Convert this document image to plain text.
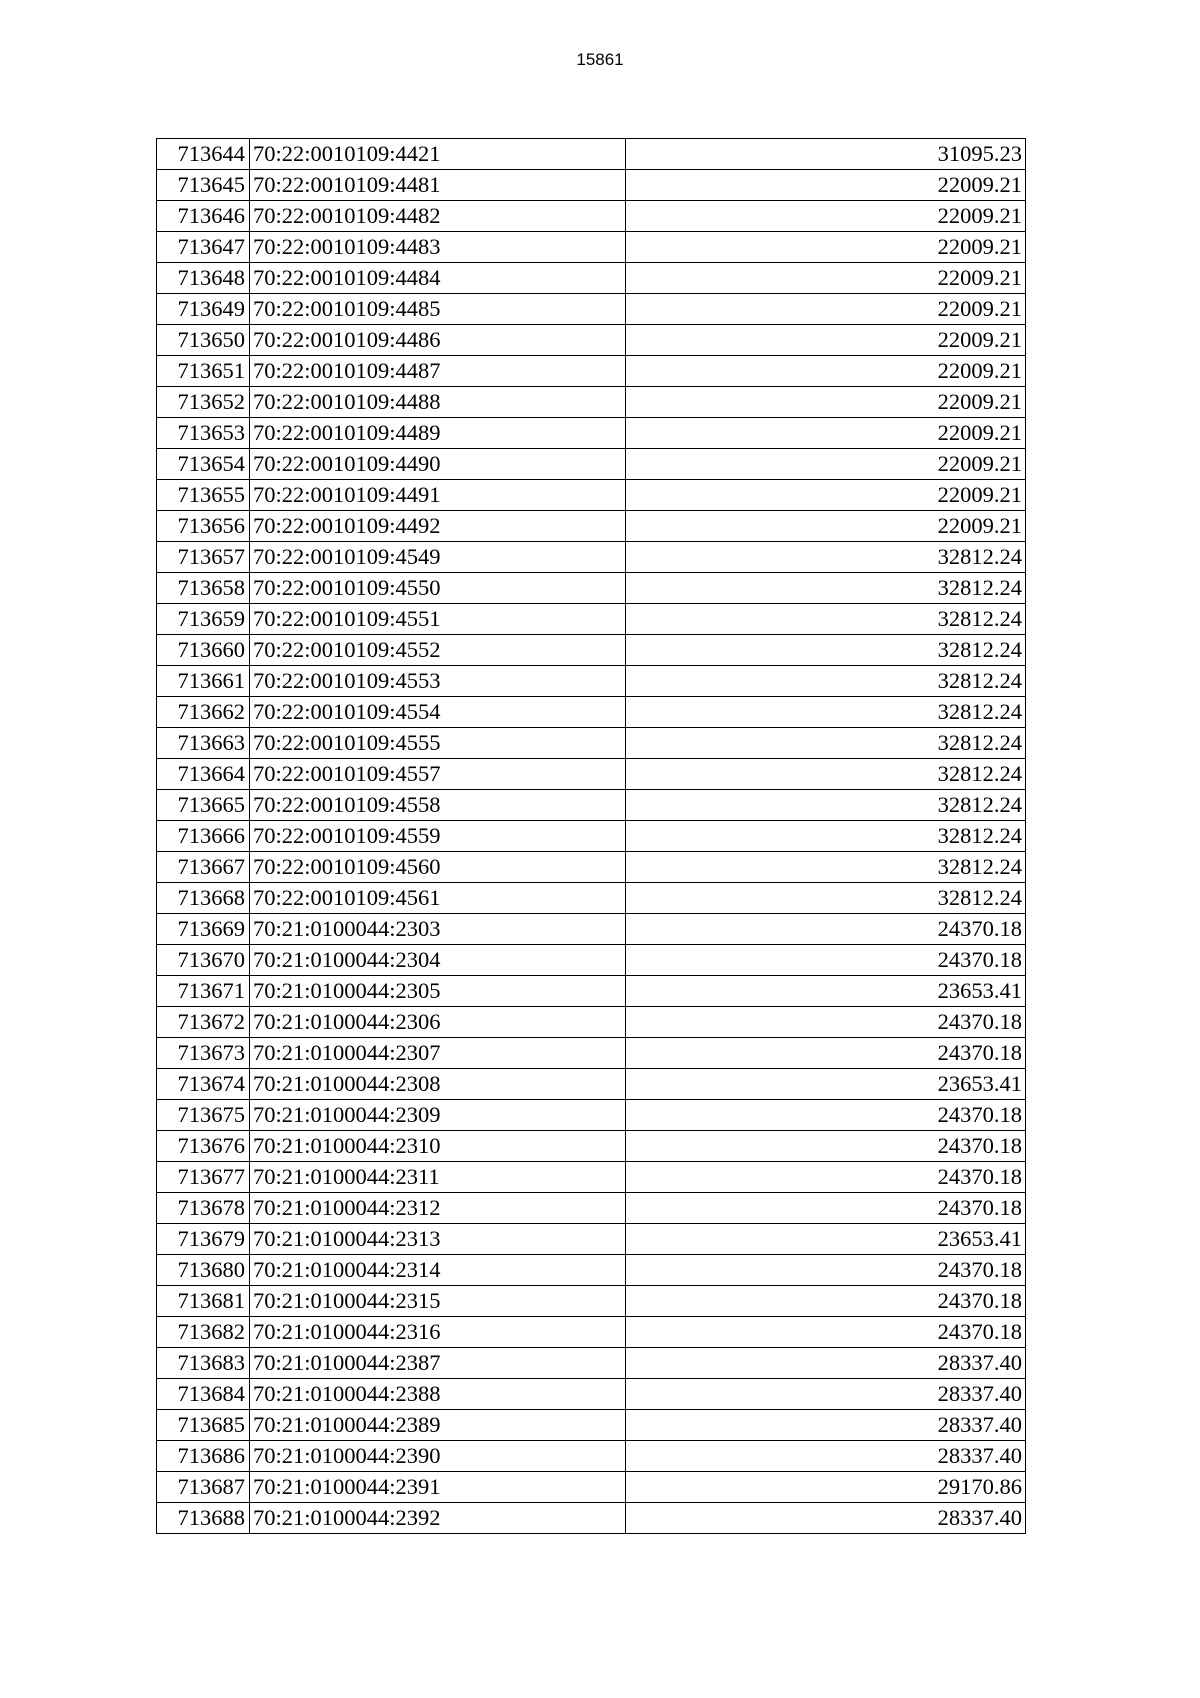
15861
713644	70:22:0010109:4421	31095.23
713645	70:22:0010109:4481	22009.21
713646	70:22:0010109:4482	22009.21
713647	70:22:0010109:4483	22009.21
713648	70:22:0010109:4484	22009.21
713649	70:22:0010109:4485	22009.21
713650	70:22:0010109:4486	22009.21
713651	70:22:0010109:4487	22009.21
713652	70:22:0010109:4488	22009.21
713653	70:22:0010109:4489	22009.21
713654	70:22:0010109:4490	22009.21
713655	70:22:0010109:4491	22009.21
713656	70:22:0010109:4492	22009.21
713657	70:22:0010109:4549	32812.24
713658	70:22:0010109:4550	32812.24
713659	70:22:0010109:4551	32812.24
713660	70:22:0010109:4552	32812.24
713661	70:22:0010109:4553	32812.24
713662	70:22:0010109:4554	32812.24
713663	70:22:0010109:4555	32812.24
713664	70:22:0010109:4557	32812.24
713665	70:22:0010109:4558	32812.24
713666	70:22:0010109:4559	32812.24
713667	70:22:0010109:4560	32812.24
713668	70:22:0010109:4561	32812.24
713669	70:21:0100044:2303	24370.18
713670	70:21:0100044:2304	24370.18
713671	70:21:0100044:2305	23653.41
713672	70:21:0100044:2306	24370.18
713673	70:21:0100044:2307	24370.18
713674	70:21:0100044:2308	23653.41
713675	70:21:0100044:2309	24370.18
713676	70:21:0100044:2310	24370.18
713677	70:21:0100044:2311	24370.18
713678	70:21:0100044:2312	24370.18
713679	70:21:0100044:2313	23653.41
713680	70:21:0100044:2314	24370.18
713681	70:21:0100044:2315	24370.18
713682	70:21:0100044:2316	24370.18
713683	70:21:0100044:2387	28337.40
713684	70:21:0100044:2388	28337.40
713685	70:21:0100044:2389	28337.40
713686	70:21:0100044:2390	28337.40
713687	70:21:0100044:2391	29170.86
713688	70:21:0100044:2392	28337.40
